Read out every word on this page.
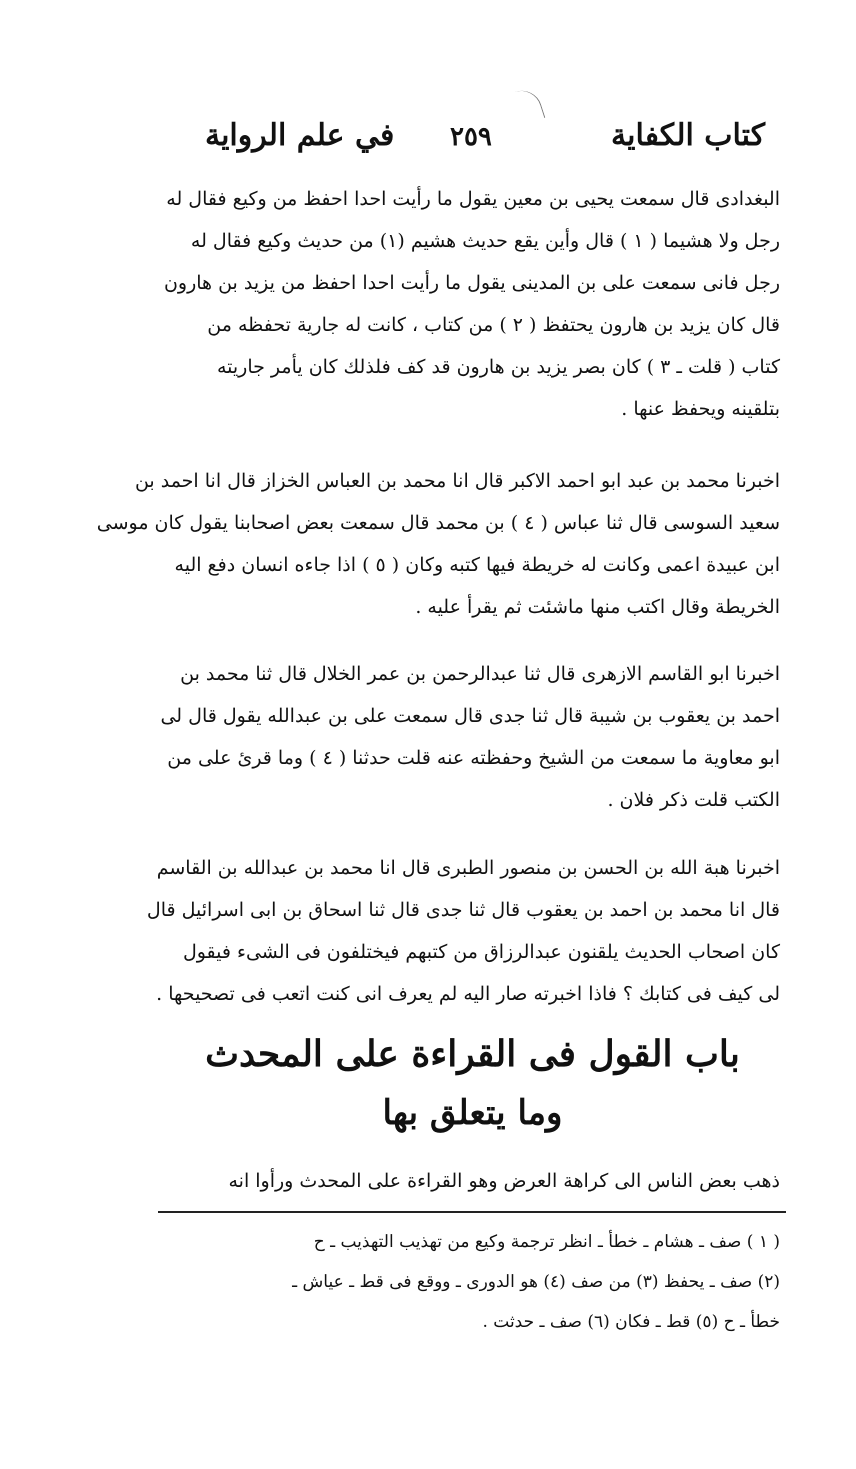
في علم الرواية ٢٥٩	كتاب الكفاية
البغدادى قال سمعت يحيى بن معين يقول ما رأيت احدا احفظ من وكيع فقال له
رجل ولا هشيما ( ١ ) قال وأين يقع حديث هشيم (١) من حديث وكيع فقال له
رجل فانى سمعت على بن المدينى يقول ما رأيت احدا احفظ من يزيد بن هارون
قال كان يزيد بن هارون يحتفظ ( ٢ ) من كتاب ، كانت له جارية تحفظه من
كتاب ( قلت ـ ٣ ) كان بصر يزيد بن هارون قد كف فلذلك كان يأمر جاريته
بتلقينه ويحفظ عنها .
اخبرنا محمد بن عبد ابو احمد الاكبر قال انا محمد بن العباس الخزاز قال انا احمد بن
سعيد السوسى قال ثنا عباس ( ٤ ) بن محمد قال سمعت بعض اصحابنا يقول كان موسى
ابن عبيدة اعمى وكانت له خريطة فيها كتبه وكان ( ٥ ) اذا جاءه انسان دفع اليه
الخريطة وقال اكتب منها ماشئت ثم يقرأ عليه .
اخبرنا ابو القاسم الازهرى قال ثنا عبدالرحمن بن عمر الخلال قال ثنا محمد بن
احمد بن يعقوب بن شيبة قال ثنا جدى قال سمعت على بن عبدالله يقول قال لى
ابو معاوية ما سمعت من الشيخ وحفظته عنه قلت حدثنا ( ٤ ) وما قرئ على من
الكتب قلت ذكر فلان .
اخبرنا هبة الله بن الحسن بن منصور الطبرى قال انا محمد بن عبدالله بن القاسم
قال انا محمد بن احمد بن يعقوب قال ثنا جدى قال ثنا اسحاق بن ابى اسرائيل قال
كان اصحاب الحديث يلقنون عبدالرزاق من كتبهم فيختلفون فى الشىء فيقول
لى كيف فى كتابك ؟ فاذا اخبرته صار اليه لم يعرف انى كنت اتعب فى تصحيحها .
باب القول فى القراءة على المحدث
وما يتعلق بها
ذهب بعض الناس الى كراهة العرض وهو القراءة على المحدث ورأوا انه
( ١ ) صف ـ هشام ـ خطأ ـ انظر ترجمة وكيع من تهذيب التهذيب ـ ح
(٢) صف ـ يحفظ (٣) من صف (٤) هو الدورى ـ ووقع فى قط ـ عياش ـ
خطأ ـ ح (٥) قط ـ فكان (٦) صف ـ حدثت .
